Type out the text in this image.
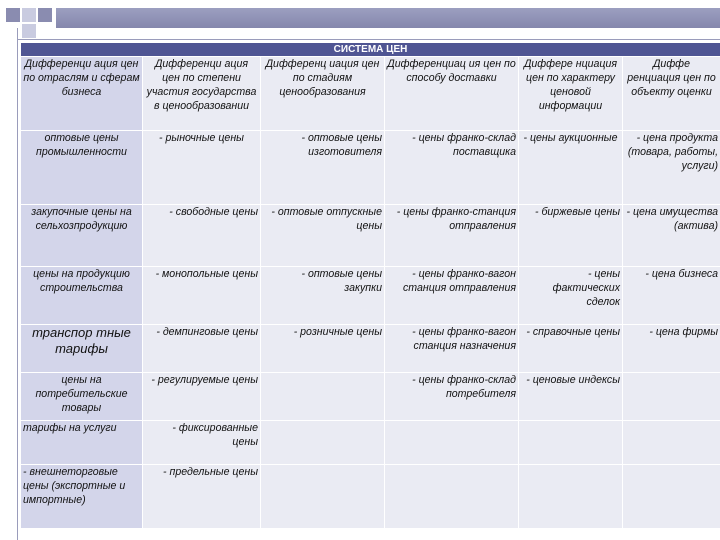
СИСТЕМА ЦЕН					
Дифференци ация цен по отраслям и сферам бизнеса	Дифференци ация цен по степени участия государства в ценообразовании	Дифференц иация цен по стадиям ценообразования	Дифференциац ия цен по способу доставки	Диффере нциация цен по характеру ценовой информации	Диффе ренциация цен по объекту оценки
оптовые цены промышленности	- рыночные цены	- оптовые цены изготовителя	- цены франко-склад поставщика	- цены аукционные	- цена продукта (товара, работы, услуги)
закупочные цены на сельхозпродукцию	- свободные цены	- оптовые отпускные цены	- цены франко-станция отправления	- биржевые цены	- цена имущества (актива)
цены на продукцию строительства	- монопольные цены	- оптовые цены закупки	- цены франко-вагон станция отправления	- цены фактических сделок	- цена бизнеса
транспор тные тарифы	- демпинговые цены	- розничные цены	- цены франко-вагон станция назначения	- справочные цены	- цена фирмы
цены на потребительские товары	- регулируемые цены		- цены франко-склад потребителя	- ценовые индексы	
тарифы на услуги	- фиксированные цены				
- внешнеторговые цены (экспортные и импортные)	- предельные цены				
